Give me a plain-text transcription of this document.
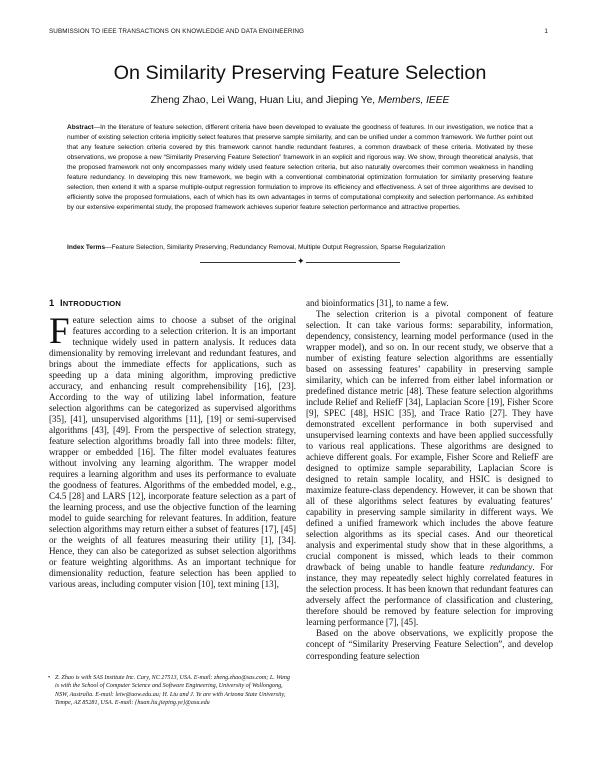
SUBMISSION TO IEEE TRANSACTIONS ON KNOWLEDGE AND DATA ENGINEERING	1
On Similarity Preserving Feature Selection
Zheng Zhao, Lei Wang, Huan Liu, and Jieping Ye, Members, IEEE
Abstract—In the literature of feature selection, different criteria have been developed to evaluate the goodness of features. In our investigation, we notice that a number of existing selection criteria implicitly select features that preserve sample similarity, and can be unified under a common framework. We further point out that any feature selection criteria covered by this framework cannot handle redundant features, a common drawback of these criteria. Motivated by these observations, we propose a new “Similarity Preserving Feature Selection” framework in an explicit and rigorous way. We show, through theoretical analysis, that the proposed framework not only encompasses many widely used feature selection criteria, but also naturally overcomes their common weakness in handling feature redundancy. In developing this new framework, we begin with a conventional combinatorial optimization formulation for similarity preserving feature selection, then extend it with a sparse multiple-output regression formulation to improve its efficiency and effectiveness. A set of three algorithms are devised to efficiently solve the proposed formulations, each of which has its own advantages in terms of computational complexity and selection performance. As exhibited by our extensive experimental study, the proposed framework achieves superior feature selection performance and attractive properties.
Index Terms—Feature Selection, Similarity Preserving, Redundancy Removal, Multiple Output Regression, Sparse Regularization
✦
1 INTRODUCTION

Feature selection aims to choose a subset of the original features according to a selection criterion. It is an important technique widely used in pattern analysis. It reduces data dimensionality by removing irrelevant and redundant features, and brings about the immediate effects for applications, such as speeding up a data mining algorithm, improving predictive accuracy, and enhancing result comprehensibility [16], [23]. According to the way of utilizing label information, feature selection algorithms can be categorized as supervised algorithms [35], [41], unsupervised algorithms [11], [19] or semi-supervised algorithms [43], [49]. From the perspective of selection strategy, feature selection algorithms broadly fall into three models: filter, wrapper or embedded [16]. The filter model evaluates features without involving any learning algorithm. The wrapper model requires a learning algorithm and uses its performance to evaluate the goodness of features. Algorithms of the embedded model, e.g., C4.5 [28] and LARS [12], incorporate feature selection as a part of the learning process, and use the objective function of the learning model to guide searching for relevant features. In addition, feature selection algorithms may return either a subset of features [17], [45] or the weights of all features measuring their utility [1], [34]. Hence, they can also be categorized as subset selection algorithms or feature weighting algorithms. As an important technique for dimensionality reduction, feature selection has been applied to various areas, including computer vision [10], text mining [13],

• Z. Zhao is with SAS Institute Inc. Cary, NC 27513, USA. E-mail: zheng.zhao@sas.com; L. Wang is with the School of Computer Science and Software Engineering, University of Wollongong, NSW, Australia. E-mail: leiw@uow.edu.au; H. Liu and J. Ye are with Arizona State University, Tempe, AZ 85281, USA. E-mail: {huan.liu,jieping.ye}@asu.edu

and bioinformatics [31], to name a few.

The selection criterion is a pivotal component of feature selection. It can take various forms: separability, information, dependency, consistency, learning model performance (used in the wrapper model), and so on. In our recent study, we observe that a number of existing feature selection algorithms are essentially based on assessing features’ capability in preserving sample similarity, which can be inferred from either label information or predefined distance metric [48]. These feature selection algorithms include Relief and ReliefF [34], Laplacian Score [19], Fisher Score [9], SPEC [48], HSIC [35], and Trace Ratio [27]. They have demonstrated excellent performance in both supervised and unsupervised learning contexts and have been applied successfully to various real applications. These algorithms are designed to achieve different goals. For example, Fisher Score and ReliefF are designed to optimize sample separability, Laplacian Score is designed to retain sample locality, and HSIC is designed to maximize feature-class dependency. However, it can be shown that all of these algorithms select features by evaluating features’ capability in preserving sample similarity in different ways. We defined a unified framework which includes the above feature selection algorithms as its special cases. And our theoretical analysis and experimental study show that in these algorithms, a crucial component is missed, which leads to their common drawback of being unable to handle feature redundancy. For instance, they may repeatedly select highly correlated features in the selection process. It has been known that redundant features can adversely affect the performance of classification and clustering, therefore should be removed by feature selection for improving learning performance [7], [45].

Based on the above observations, we explicitly propose the concept of “Similarity Preserving Feature Selection”, and develop corresponding feature selection
